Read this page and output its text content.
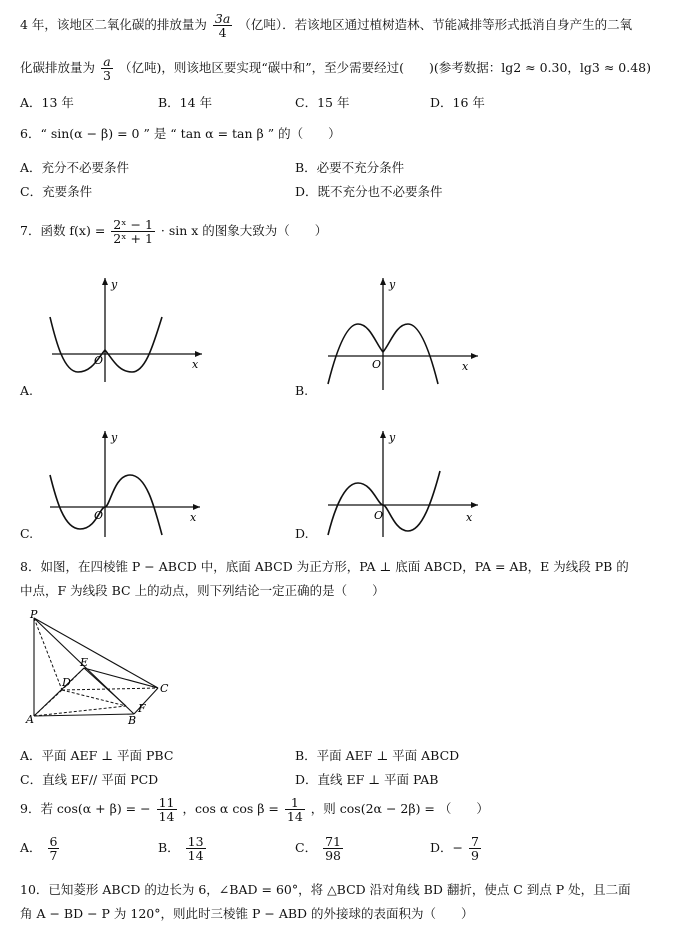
4 年，该地区二氧化碳的排放量为 $\frac{3a}{4}$ （亿吨）．若该地区通过植树造林、节能减排等形式抵消自身产生的二氧
化碳排放量为 $\frac{a}{3}$ （亿吨)，则该地区要实现“碳中和”，至少需要经过(　　)(参考数据：lg2 ≈ 0.30，lg3 ≈ 0.48)
A．13 年	B．14 年	C．15 年	D．16 年
6．“ sin(α − β) = 0 ” 是 “ tan α = tan β ” 的（　　）
A．充分不必要条件	B．必要不充分条件
C．充要条件	D．既不充分也不必要条件
7．函数 $f(x) = \frac{\text{2ˣ − 1}}{\text{2ˣ + 1}} \cdot \sin x$ 的图象大致为（　　）
y
O	x
A.
y
O	x
B.
y
O	x
C.
y
O	x
D.
8．如图，在四棱锥 P − ABCD 中，底面 ABCD 为正方形，PA ⊥ 底面 ABCD，PA = AB，E 为线段 PB 的
中点，F 为线段 BC 上的动点，则下列结论一定正确的是（　　）
P
A	B
C
D
E
F
A．平面 AEF ⊥ 平面 PBC	B．平面 AEF ⊥ 平面 ABCD
C．直线 EF// 平面 PCD	D．直线 EF ⊥ 平面 PAB
9．若 cos(α + β) = − $\frac{11}{14}$ ，cos α $\cos \beta = \frac{1}{14}$ ，则 cos(2α − 2β) = （　　）
A． $\frac{6}{7}$	B． $\frac{13}{14}$	C． $\frac{71}{98}$	D．− $\frac{7}{9}$
10．已知菱形 ABCD 的边长为 6，∠BAD = 60°，将 △BCD 沿对角线 BD 翻折，使点 C 到点 P 处，且二面
角 A − BD − P 为 120°，则此时三棱锥 P − ABD 的外接球的表面积为（　　）
